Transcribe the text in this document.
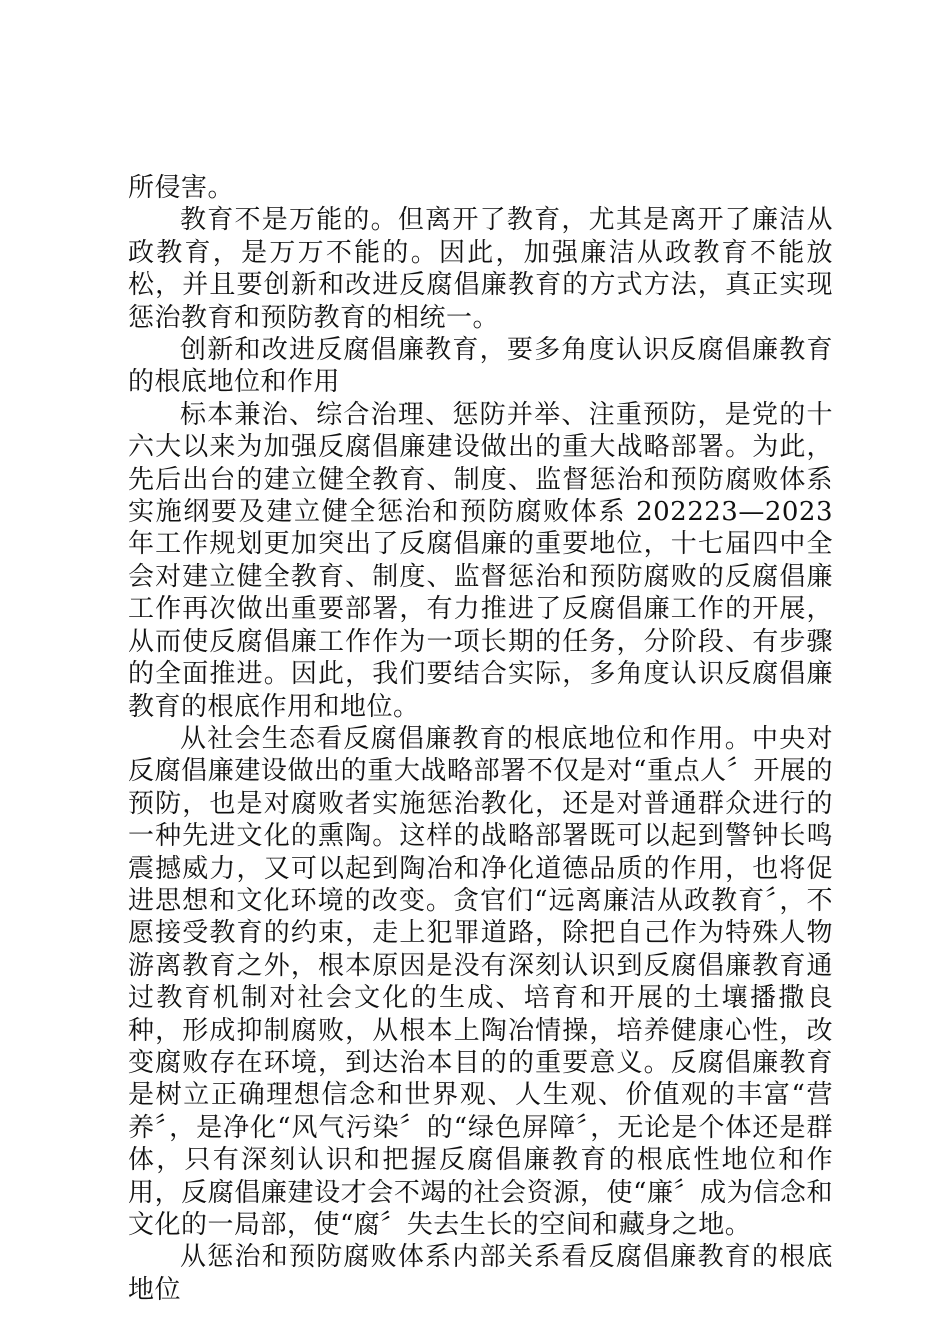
所侵害。

教育不是万能的。但离开了教育，尤其是离开了廉洁从政教育，是万万不能的。因此，加强廉洁从政教育不能放松，并且要创新和改进反腐倡廉教育的方式方法，真正实现惩治教育和预防教育的相统一。

创新和改进反腐倡廉教育，要多角度认识反腐倡廉教育的根底地位和作用

标本兼治、综合治理、惩防并举、注重预防，是党的十六大以来为加强反腐倡廉建设做出的重大战略部署。为此，先后出台的建立健全教育、制度、监督惩治和预防腐败体系实施纲要及建立健全惩治和预防腐败体系 202223—2023 年工作规划更加突出了反腐倡廉的重要地位，十七届四中全会对建立健全教育、制度、监督惩治和预防腐败的反腐倡廉工作再次做出重要部署，有力推进了反腐倡廉工作的开展，从而使反腐倡廉工作作为一项长期的任务，分阶段、有步骤的全面推进。因此，我们要结合实际，多角度认识反腐倡廉教育的根底作用和地位。

从社会生态看反腐倡廉教育的根底地位和作用。中央对反腐倡廉建设做出的重大战略部署不仅是对“重点人〞开展的预防，也是对腐败者实施惩治教化，还是对普通群众进行的一种先进文化的熏陶。这样的战略部署既可以起到警钟长鸣震撼威力，又可以起到陶冶和净化道德品质的作用，也将促进思想和文化环境的改变。贪官们“远离廉洁从政教育〞，不愿接受教育的约束，走上犯罪道路，除把自己作为特殊人物游离教育之外，根本原因是没有深刻认识到反腐倡廉教育通过教育机制对社会文化的生成、培育和开展的土壤播撒良种，形成抑制腐败，从根本上陶冶情操，培养健康心性，改变腐败存在环境，到达治本目的的重要意义。反腐倡廉教育是树立正确理想信念和世界观、人生观、价值观的丰富“营养〞，是净化“风气污染〞的“绿色屏障〞，无论是个体还是群体，只有深刻认识和把握反腐倡廉教育的根底性地位和作用，反腐倡廉建设才会不竭的社会资源，使“廉〞成为信念和文化的一局部，使“腐〞失去生长的空间和藏身之地。

从惩治和预防腐败体系内部关系看反腐倡廉教育的根底地位
